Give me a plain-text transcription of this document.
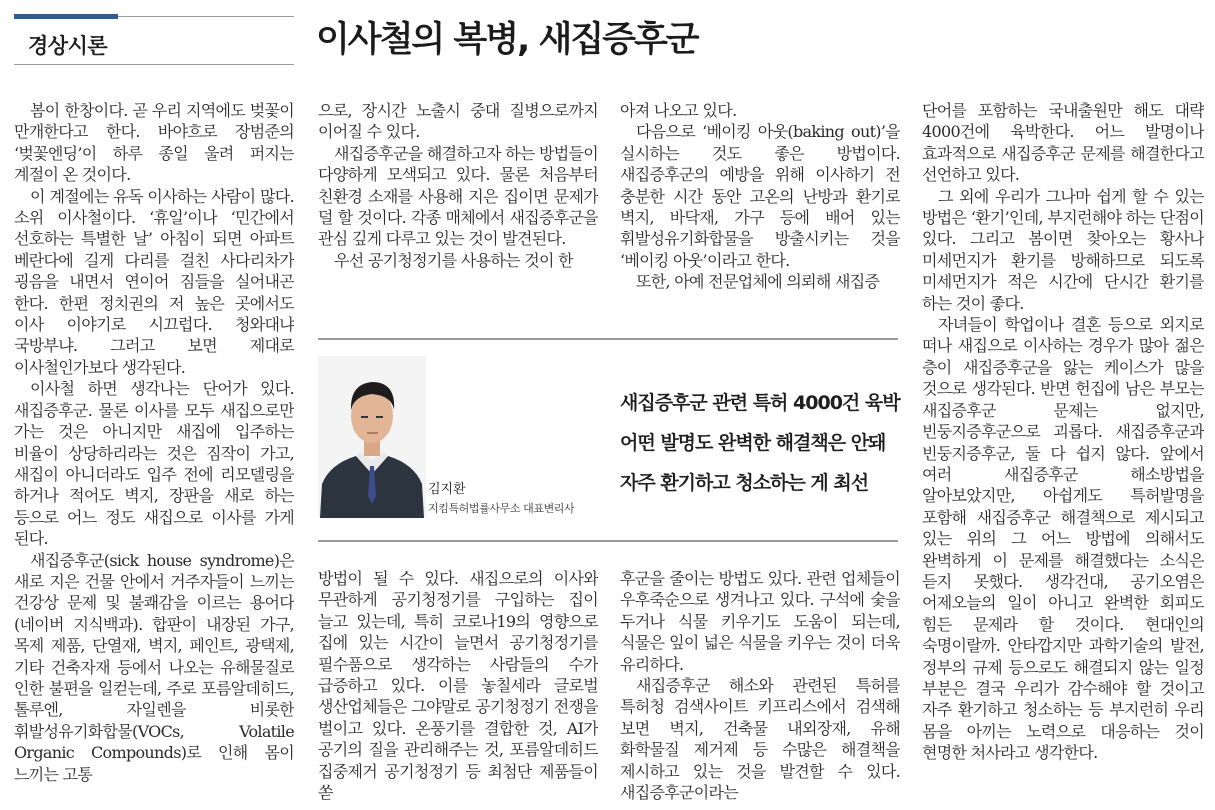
경상시론	이사철의 복병, 새집증후군

봄이 한창이다. 곧 우리 지역에도 벚꽃이 만개한다고 한다. 바야흐로 장범준의 ‘벚꽃엔딩’이 하루 종일 울려 퍼지는 계절이 온 것이다.

이 계절에는 유독 이사하는 사람이 많다. 소위 이사철이다. ‘휴일’이나 ‘민간에서 선호하는 특별한 날’ 아침이 되면 아파트 베란다에 길게 다리를 걸친 사다리차가 굉음을 내면서 연이어 짐들을 실어내곤 한다. 한편 정치권의 저 높은 곳에서도 이사 이야기로 시끄럽다. 청와대냐 국방부냐. 그러고 보면 제대로 이사철인가보다 생각된다.

이사철 하면 생각나는 단어가 있다. 새집증후군. 물론 이사를 모두 새집으로만 가는 것은 아니지만 새집에 입주하는 비율이 상당하리라는 것은 짐작이 가고, 새집이 아니더라도 입주 전에 리모델링을 하거나 적어도 벽지, 장판을 새로 하는 등으로 어느 정도 새집으로 이사를 가게 된다.

새집증후군(sick house syndrome)은 새로 지은 건물 안에서 거주자들이 느끼는 건강상 문제 및 불쾌감을 이르는 용어다(네이버 지식백과). 합판이 내장된 가구, 목제 제품, 단열재, 벽지, 페인트, 광택제, 기타 건축자재 등에서 나오는 유해물질로 인한 불편을 일컫는데, 주로 포름알데히드, 톨루엔, 자일렌을 비롯한 휘발성유기화합물(VOCs, Volatile Organic Compounds)로 인해 몸이 느끼는 고통

으로, 장시간 노출시 중대 질병으로까지 이어질 수 있다.

새집증후군을 해결하고자 하는 방법들이 다양하게 모색되고 있다. 물론 처음부터 친환경 소재를 사용해 지은 집이면 문제가 덜 할 것이다. 각종 매체에서 새집증후군을 관심 깊게 다루고 있는 것이 발견된다.

우선 공기청정기를 사용하는 것이 한

아져 나오고 있다.

다음으로 ‘베이킹 아웃(baking out)’을 실시하는 것도 좋은 방법이다. 새집증후군의 예방을 위해 이사하기 전 충분한 시간 동안 고온의 난방과 환기로 벽지, 바닥재, 가구 등에 배어 있는 휘발성유기화합물을 방출시키는 것을 ‘베이킹 아웃’이라고 한다.

또한, 아예 전문업체에 의뢰해 새집증

김지환
지킴특허법률사무소 대표변리사
새집증후군 관련 특허 4000건 육박
어떤 발명도 완벽한 해결책은 안돼
자주 환기하고 청소하는 게 최선

방법이 될 수 있다. 새집으로의 이사와 무관하게 공기청정기를 구입하는 집이 늘고 있는데, 특히 코로나19의 영향으로 집에 있는 시간이 늘면서 공기청정기를 필수품으로 생각하는 사람들의 수가 급증하고 있다. 이를 놓칠세라 글로벌 생산업체들은 그야말로 공기청정기 전쟁을 벌이고 있다. 온풍기를 결합한 것, AI가 공기의 질을 관리해주는 것, 포름알데히드 집중제거 공기청정기 등 최첨단 제품들이 쏟

후군을 줄이는 방법도 있다. 관련 업체들이 우후죽순으로 생겨나고 있다. 구석에 숯을 두거나 식물 키우기도 도움이 되는데, 식물은 잎이 넓은 식물을 키우는 것이 더욱 유리하다.

새집증후군 해소와 관련된 특허를 특허청 검색사이트 키프리스에서 검색해 보면 벽지, 건축물 내외장재, 유해 화학물질 제거제 등 수많은 해결책을 제시하고 있는 것을 발견할 수 있다. 새집증후군이라는

단어를 포함하는 국내출원만 해도 대략 4000건에 육박한다. 어느 발명이나 효과적으로 새집증후군 문제를 해결한다고 선언하고 있다.

그 외에 우리가 그나마 쉽게 할 수 있는 방법은 ‘환기’인데, 부지런해야 하는 단점이 있다. 그리고 봄이면 찾아오는 황사나 미세먼지가 환기를 방해하므로 되도록 미세먼지가 적은 시간에 단시간 환기를 하는 것이 좋다.

자녀들이 학업이나 결혼 등으로 외지로 떠나 새집으로 이사하는 경우가 많아 젊은 층이 새집증후군을 앓는 케이스가 많을 것으로 생각된다. 반면 헌집에 남은 부모는 새집증후군 문제는 없지만, 빈둥지증후군으로 괴롭다. 새집증후군과 빈둥지증후군, 둘 다 쉽지 않다. 앞에서 여러 새집증후군 해소방법을 알아보았지만, 아쉽게도 특허발명을 포함해 새집증후군 해결책으로 제시되고 있는 위의 그 어느 방법에 의해서도 완벽하게 이 문제를 해결했다는 소식은 듣지 못했다. 생각건대, 공기오염은 어제오늘의 일이 아니고 완벽한 회피도 힘든 문제라 할 것이다. 현대인의 숙명이랄까. 안타깝지만 과학기술의 발전, 정부의 규제 등으로도 해결되지 않는 일정 부분은 결국 우리가 감수해야 할 것이고 자주 환기하고 청소하는 등 부지런히 우리 몸을 아끼는 노력으로 대응하는 것이 현명한 처사라고 생각한다.
